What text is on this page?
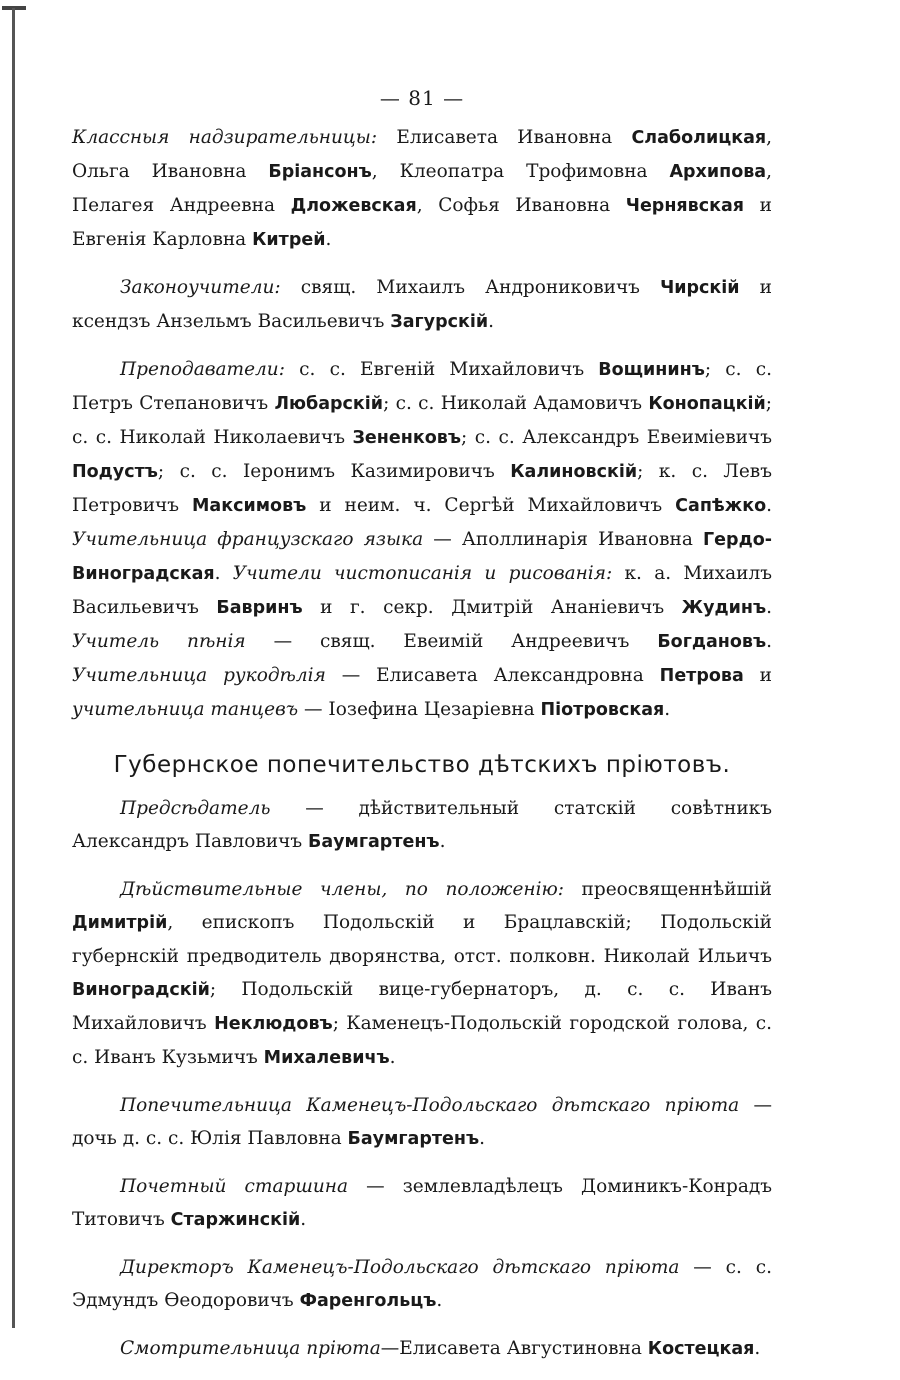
— 81 —

Классныя надзирательницы: Елисавета Ивановна Слаболицкая, Ольга Ивановна Бріансонъ, Клеопатра Трофимовна Архипова, Пелагея Андреевна Дложевская, Софья Ивановна Чернявская и Евгенія Карловна Китрей.

Законоучители: свящ. Михаилъ Андрониковичъ Чирскій и ксендзъ Анзельмъ Васильевичъ Загурскій.

Преподаватели: с. с. Евгеній Михайловичъ Вощининъ; с. с. Петръ Степановичъ Любарскій; с. с. Николай Адамовичъ Конопацкій; с. с. Николай Николаевичъ Зененковъ; с. с. Александръ Евеиміевичъ Подустъ; с. с. Іеронимъ Казимировичъ Калиновскій; к. с. Левъ Петровичъ Максимовъ и неим. ч. Сергѣй Михайловичъ Сапѣжко. Учительница французскаго языка — Аполлинарія Ивановна Гердо-Виноградская. Учители чистописанія и рисованія: к. а. Михаилъ Васильевичъ Бавринъ и г. секр. Дмитрій Ананіевичъ Жудинъ. Учитель пѣнія — свящ. Евеимій Андреевичъ Богдановъ. Учительница рукодѣлія — Елисавета Александровна Петрова и учительница танцевъ — Іозефина Цезаріевна Піотровская.

Губернское попечительство дѣтскихъ пріютовъ.

Предсѣдатель — дѣйствительный статскій совѣтникъ Александръ Павловичъ Баумгартенъ.

Дѣйствительные члены, по положенію: преосвященнѣйшій Димитрій, епископъ Подольскій и Брацлавскій; Подольскій губернскій предводитель дворянства, отст. полковн. Николай Ильичъ Виноградскій; Подольскій вице-губернаторъ, д. с. с. Иванъ Михайловичъ Неклюдовъ; Каменецъ-Подольскій городской голова, с. с. Иванъ Кузьмичъ Михалевичъ.

Попечительница Каменецъ-Подольскаго дѣтскаго пріюта — дочь д. с. с. Юлія Павловна Баумгартенъ.

Почетный старшина — землевладѣлецъ Доминикъ-Конрадъ Титовичъ Старжинскій.

Директоръ Каменецъ-Подольскаго дѣтскаго пріюта — с. с. Эдмундъ Ѳеодоровичъ Фаренгольцъ.

Смотрительница пріюта—Елисавета Августиновна Костецкая.
